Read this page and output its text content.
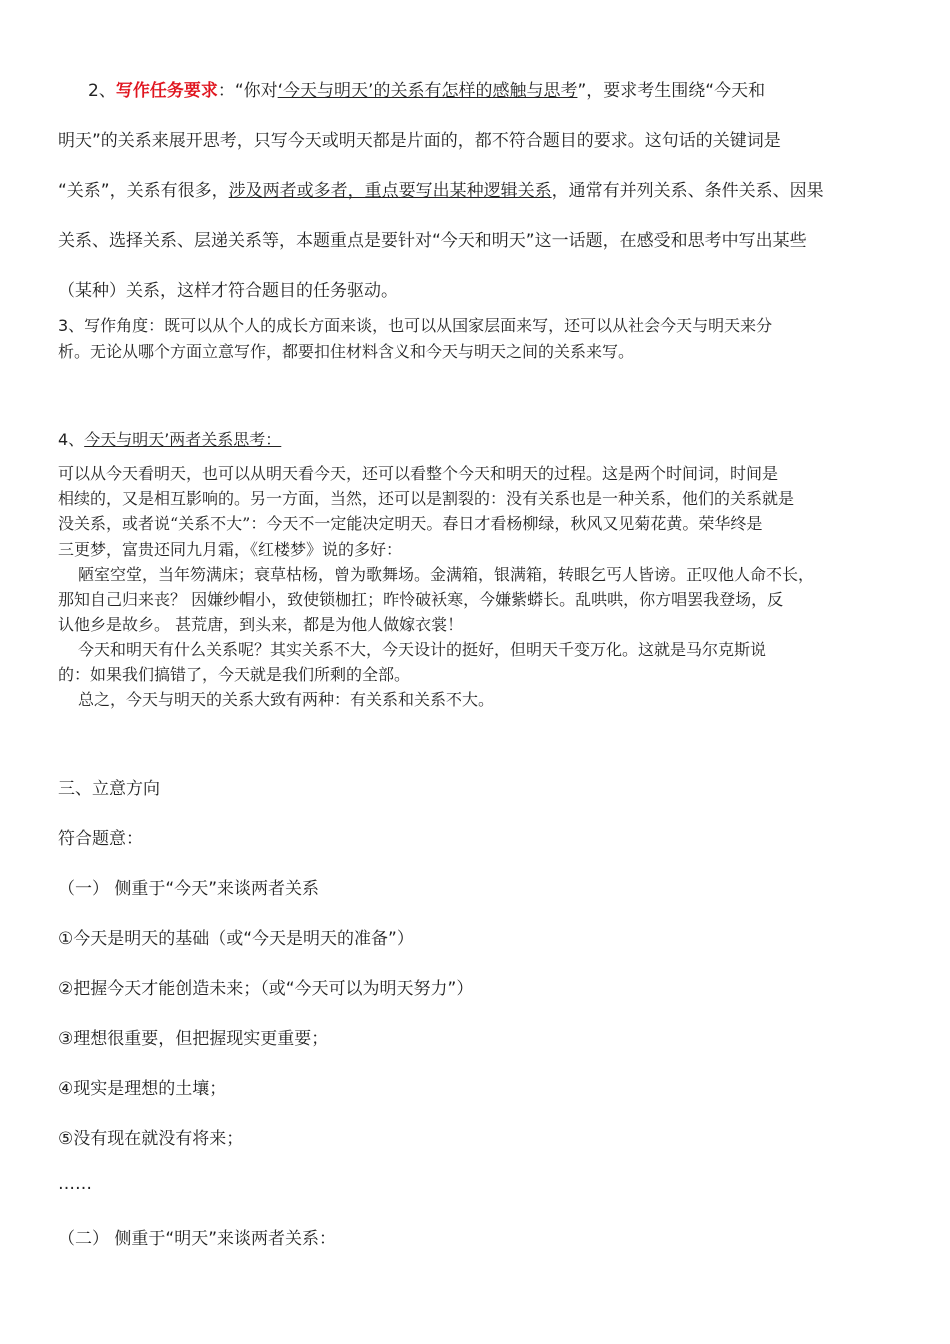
2、写作任务要求：“你对‘今天与明天’的关系有怎样的感触与思考”，要求考生围绕“今天和
明天”的关系来展开思考，只写今天或明天都是片面的，都不符合题目的要求。这句话的关键词是
“关系”，关系有很多，涉及两者或多者，重点要写出某种逻辑关系，通常有并列关系、条件关系、因果
关系、选择关系、层递关系等，本题重点是要针对“今天和明天”这一话题，在感受和思考中写出某些
（某种）关系，这样才符合题目的任务驱动。
3、写作角度：既可以从个人的成长方面来谈，也可以从国家层面来写，还可以从社会今天与明天来分
析。无论从哪个方面立意写作，都要扣住材料含义和今天与明天之间的关系来写。
4、今天与明天’两者关系思考：
可以从今天看明天，也可以从明天看今天，还可以看整个今天和明天的过程。这是两个时间词，时间是
相续的，又是相互影响的。另一方面，当然，还可以是割裂的：没有关系也是一种关系，他们的关系就是
没关系，或者说“关系不大”：今天不一定能决定明天。春日才看杨柳绿，秋风又见菊花黄。荣华终是
三更梦，富贵还同九月霜，《红楼梦》说的多好：
陋室空堂，当年笏满床；衰草枯杨，曾为歌舞场。金满箱，银满箱，转眼乞丐人皆谤。正叹他人命不长，
那知自己归来丧？ 因嫌纱帽小，致使锁枷扛；昨怜破袄寒，今嫌紫蟒长。乱哄哄，你方唱罢我登场，反
认他乡是故乡。 甚荒唐，到头来，都是为他人做嫁衣裳！
今天和明天有什么关系呢？其实关系不大，今天设计的挺好，但明天千变万化。这就是马尔克斯说
的：如果我们搞错了，今天就是我们所剩的全部。
总之，今天与明天的关系大致有两种：有关系和关系不大。
三、立意方向
符合题意：
（一） 侧重于“今天”来谈两者关系
①今天是明天的基础（或“今天是明天的准备”）
②把握今天才能创造未来；（或“今天可以为明天努力”）
③理想很重要，但把握现实更重要；
④现实是理想的土壤；
⑤没有现在就没有将来；
……
（二） 侧重于“明天”来谈两者关系：
